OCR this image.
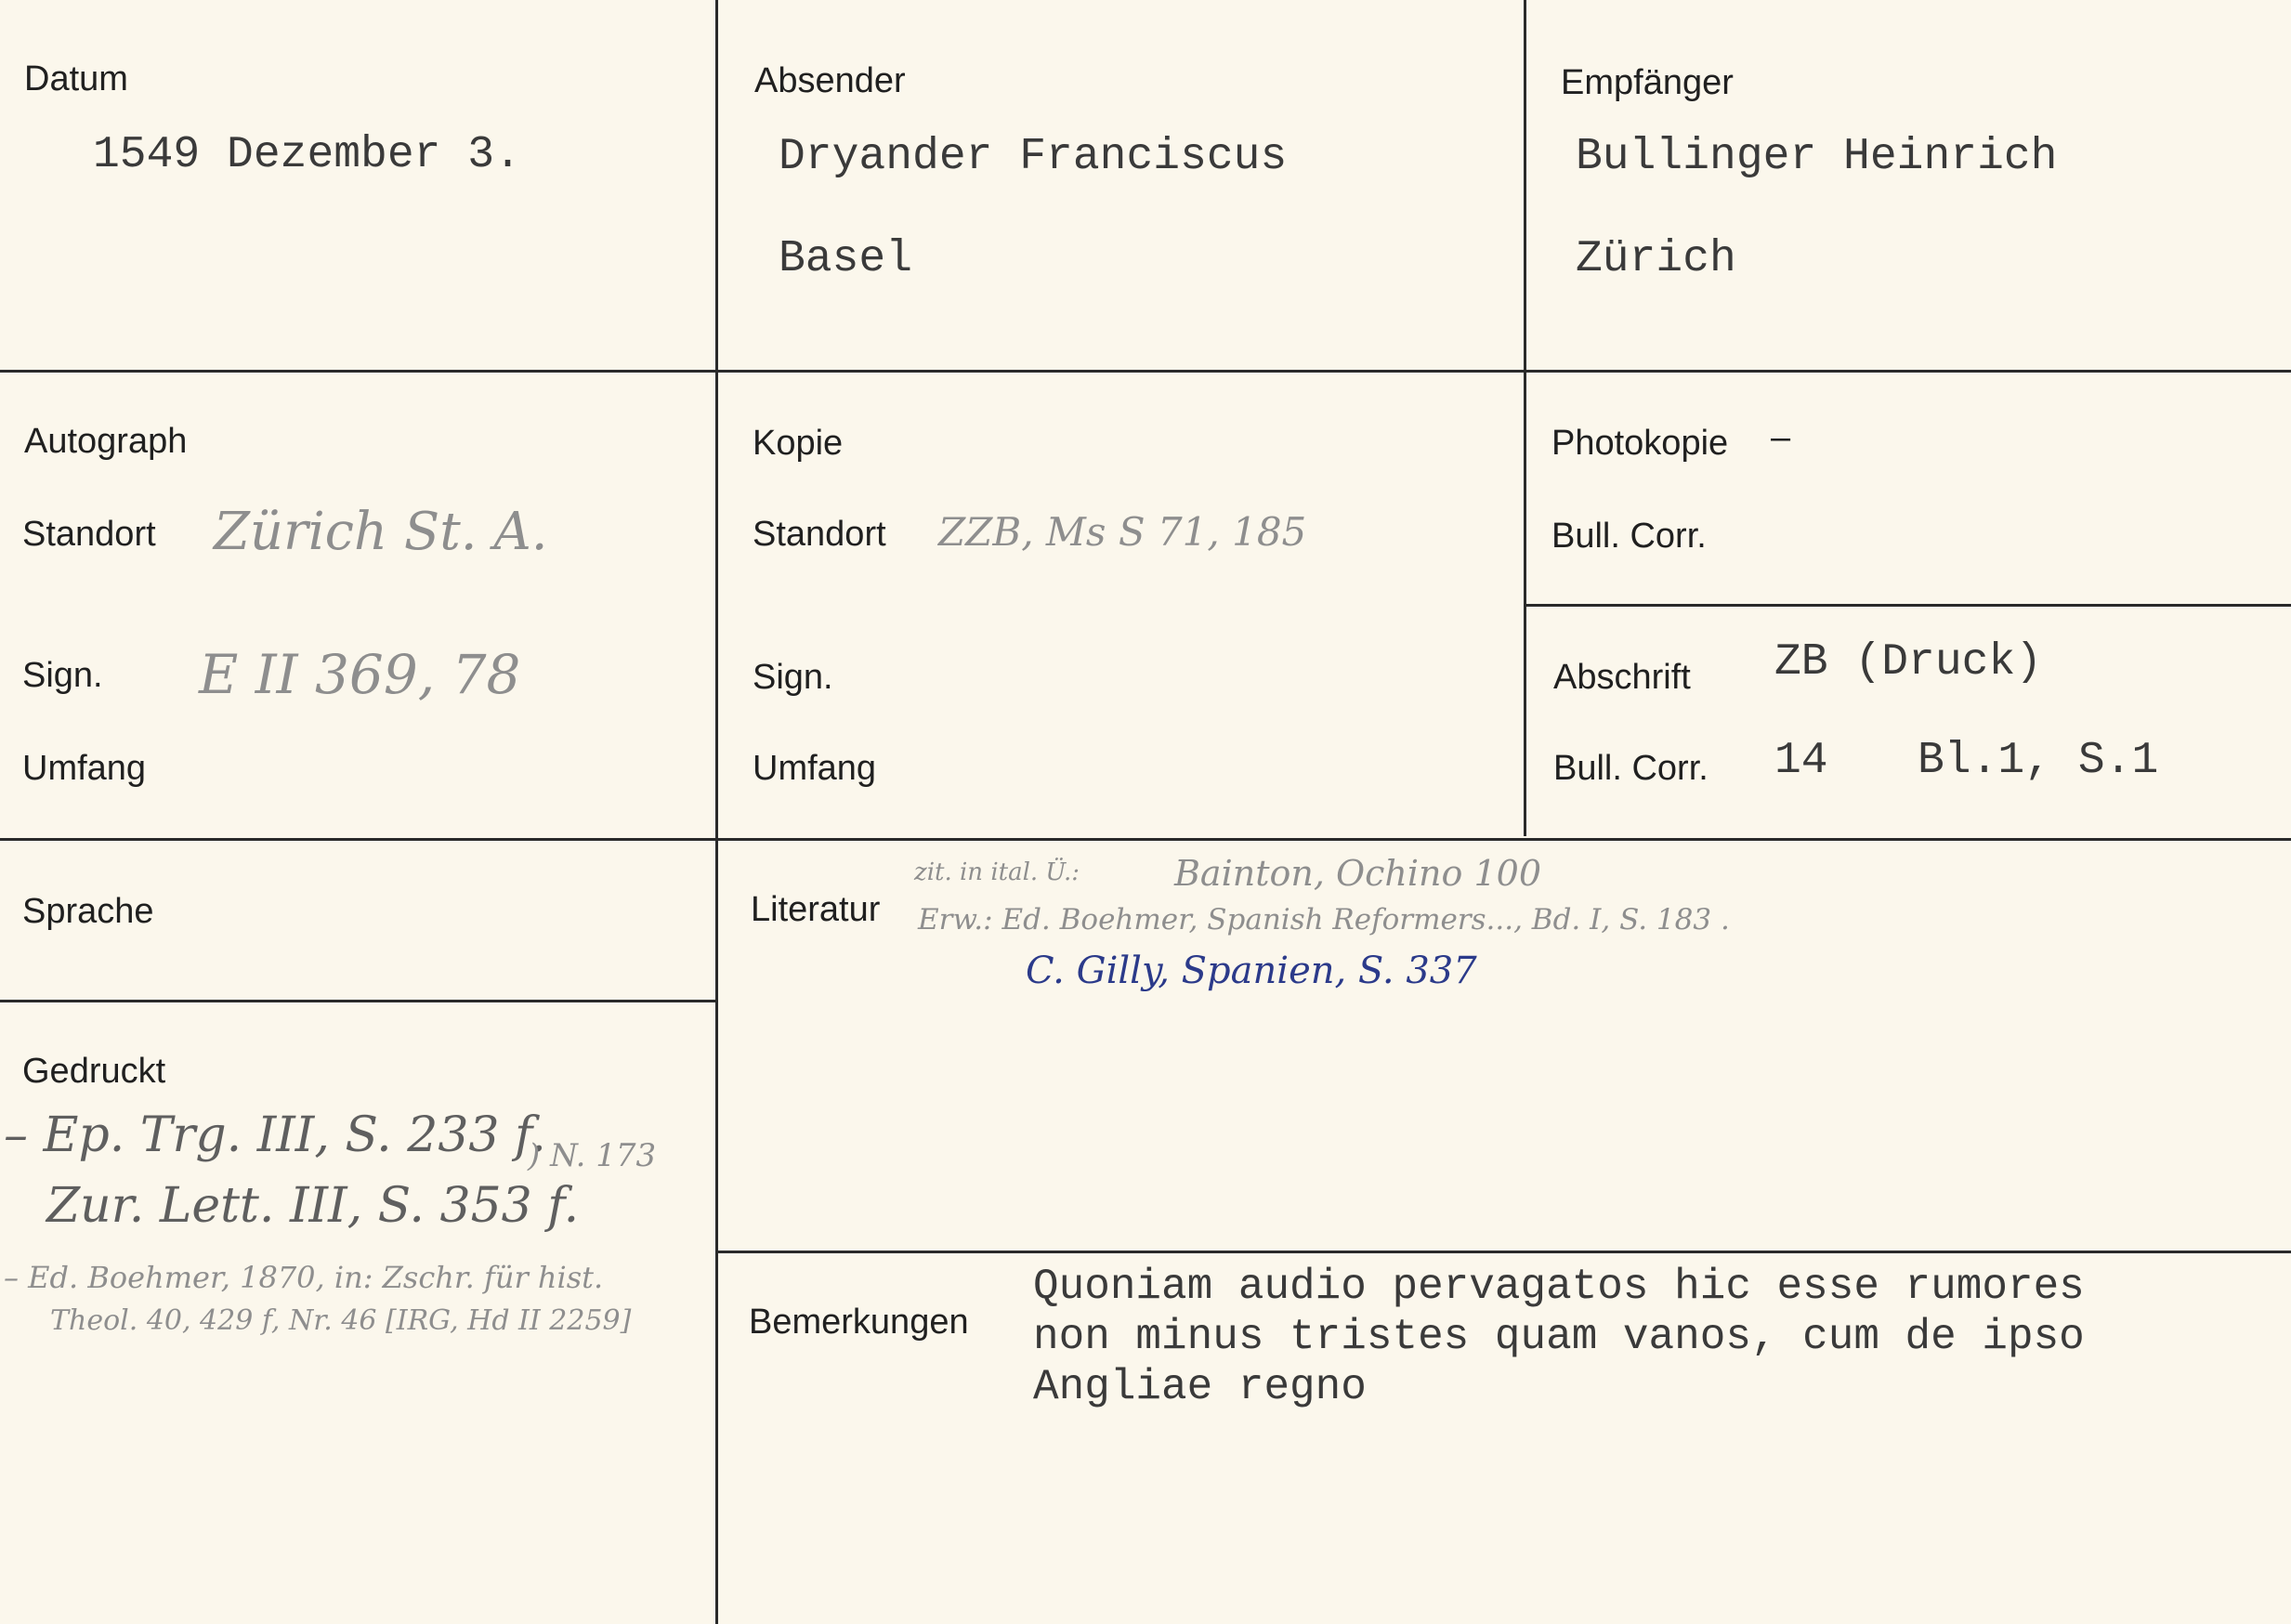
Datum
1549 Dezember 3.
Absender
Dryander Franciscus
Basel
Empfänger
Bullinger Heinrich
Zürich
Autograph
Standort Zürich St. A.
Sign. E II 369, 78
Umfang
Kopie
Standort ZZB, Ms S 71, 185
Sign.
Umfang
Photokopie –
Bull. Corr.
Abschrift ZB (Druck)
Bull. Corr. 14 Bl.1, S.1
Sprache
Gedruckt
– Ep. Trg. III, S. 233 f.
) N. 173
Zur. Lett. III, S. 353 f.
– Ed. Boehmer, 1870, in: Zschr. für hist.
Theol. 40, 429 f, Nr. 46 [IRG, Hd II 2259]
Literatur
zit. in ital. Ü.:	Bainton, Ochino 100
Erw.: Ed. Boehmer, Spanish Reformers..., Bd. I, S. 183 .
C. Gilly, Spanien, S. 337
Bemerkungen
Quoniam audio pervagatos hic esse rumores
non minus tristes quam vanos, cum de ipso
Angliae regno
